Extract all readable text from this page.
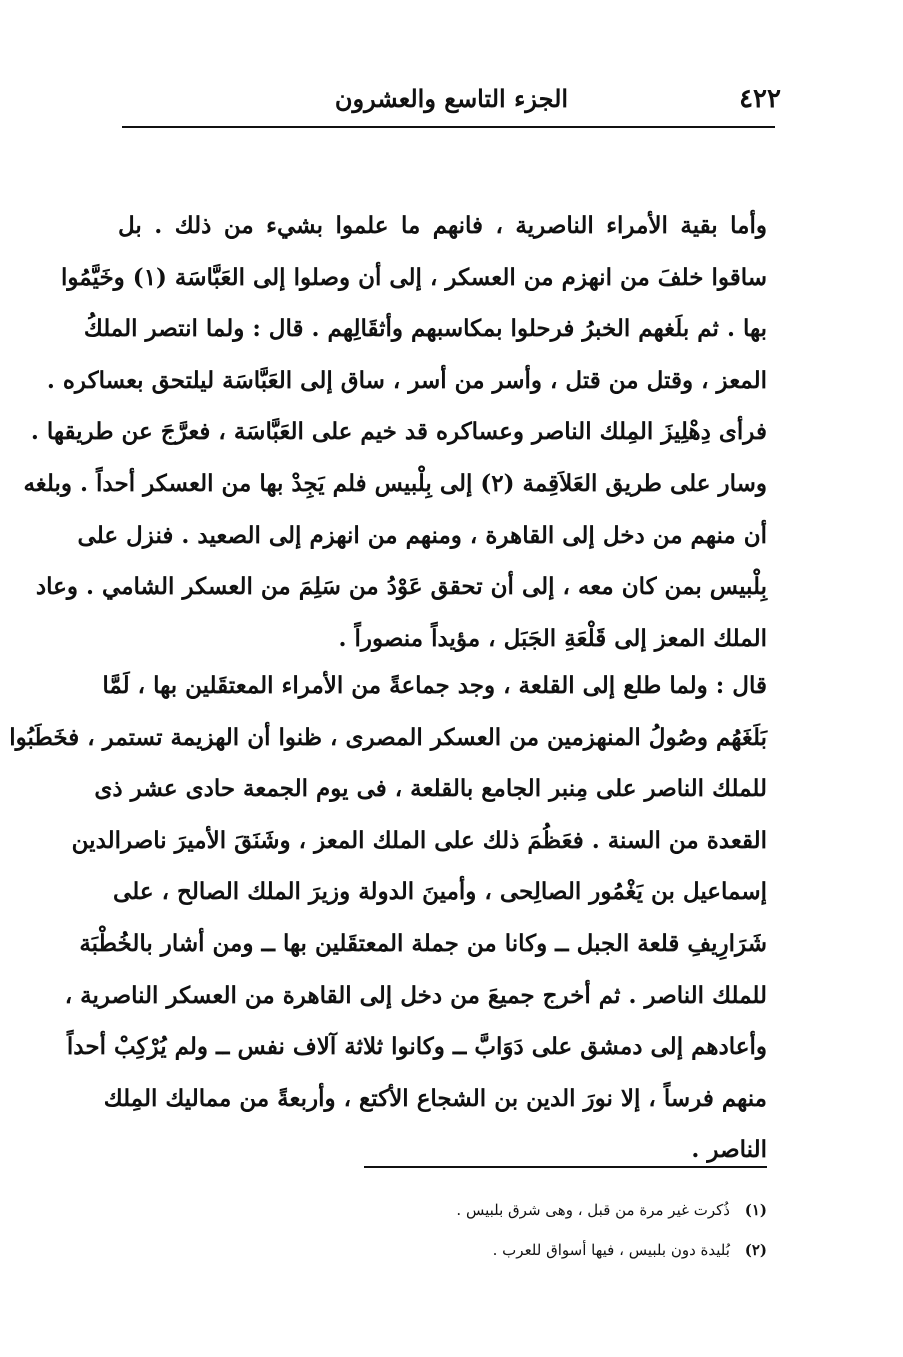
٤٢٢
الجزء التاسع والعشرون

وأما بقية الأمراء الناصرية ، فانهم ما علموا بشيء من ذلك . بل
ساقوا خلفَ من انهزم من العسكر ، إلى أن وصلوا إلى العَبَّاسَة (١) وخَيَّمُوا
بها . ثم بلَغهم الخبرُ فرحلوا بمكاسبهم وأثقَالِهم . قال : ولما انتصر الملكُ
المعز ، وقتل من قتل ، وأسر من أسر ، ساق إلى العَبَّاسَة ليلتحق بعساكره .
فرأى دِهْلِيزَ المِلك الناصر وعساكره قد خيم على العَبَّاسَة ، فعرَّجَ عن طريقها .
وسار على طريق العَلاَقِمة (٢) إلى بِلْبيس فلم يَجِدْ بها من العسكر أحداً . وبلغه
أن منهم من دخل إلى القاهرة ، ومنهم من انهزم إلى الصعيد . فنزل على
بِلْبيس بمن كان معه ، إلى أن تحقق عَوْدُ من سَلِمَ من العسكر الشامي . وعاد
الملك المعز إلى قَلْعَةِ الجَبَل ، مؤيداً منصوراً .

قال : ولما طلع إلى القلعة ، وجد جماعةً من الأمراء المعتقَلين بها ، لَمَّا
بَلَغَهُم وصُولُ المنهزمين من العسكر المصرى ، ظنوا أن الهزيمة تستمر ، فخَطَبُوا
للملك الناصر على مِنبر الجامع بالقلعة ، فى يوم الجمعة حادى عشر ذى
القعدة من السنة . فعَظُمَ ذلك على الملك المعز ، وشَنَقَ الأميرَ ناصرالدين
إسماعيل بن يَغْمُور الصالِحى ، وأمينَ الدولة وزيرَ الملك الصالح ، على
شَرَارِيفِ قلعة الجبل ــ وكانا من جملة المعتقَلين بها ــ ومن أشار بالخُطْبَة
للملك الناصر . ثم أخرج جميعَ من دخل إلى القاهرة من العسكر الناصرية ،
وأعادهم إلى دمشق على دَوَابَّ ــ وكانوا ثلاثة آلاف نفس ــ ولم يُرْكِبْ أحداً
منهم فرساً ، إلا نورَ الدين بن الشجاع الأكتع ، وأربعةً من مماليك المِلك
الناصر .

(١) ذُكرت غير مرة من قبل ، وهى شرق بلبيس .
(٢) بُليدة دون بلبيس ، فيها أسواق للعرب .
